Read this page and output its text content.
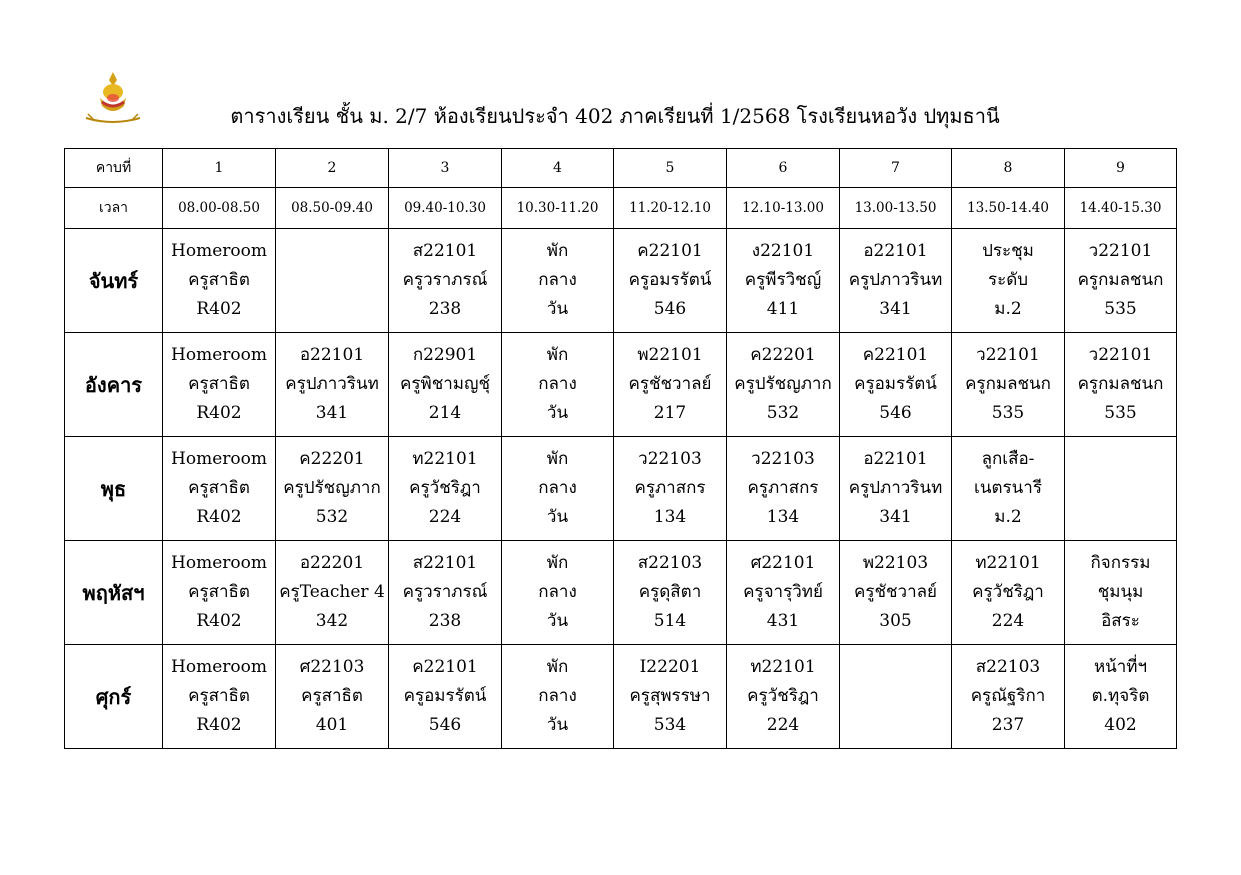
ตารางเรียน ชั้น ม. 2/7 ห้องเรียนประจำ 402 ภาคเรียนที่ 1/2568 โรงเรียนหอวัง ปทุมธานี
คาบที่	1	2	3	4	5	6	7	8	9
เวลา	08.00-08.50	08.50-09.40	09.40-10.30	10.30-11.20	11.20-12.10	12.10-13.00	13.00-13.50	13.50-14.40	14.40-15.30
จันทร์	Homeroom
ครูสาธิต
R402		ส22101
ครูวราภรณ์
238	พัก
กลาง
วัน	ค22101
ครูอมรรัตน์
546	ง22101
ครูพีรวิชญ์
411	อ22101
ครูปภาวรินท
341	ประชุม
ระดับ
ม.2	ว22101
ครูกมลชนก
535

อังคาร	Homeroom
ครูสาธิต
R402	อ22101
ครูปภาวรินท
341	ก22901
ครูพิชามญชุ์
214	พัก
กลาง
วัน	พ22101
ครูชัชวาลย์
217	ค22201
ครูปรัชญภาก
532	ค22101
ครูอมรรัตน์
546	ว22101
ครูกมลชนก
535	ว22101
ครูกมลชนก
535

พุธ	Homeroom
ครูสาธิต
R402	ค22201
ครูปรัชญภาก
532	ท22101
ครูวัชริฎา
224	พัก
กลาง
วัน	ว22103
ครูภาสกร
134	ว22103
ครูภาสกร
134	อ22101
ครูปภาวรินท
341	ลูกเสือ-
เนตรนารี
ม.2	

พฤหัสฯ	Homeroom
ครูสาธิต
R402	อ22201
ครูTeacher 4
342	ส22101
ครูวราภรณ์
238	พัก
กลาง
วัน	ส22103
ครูดุสิตา
514	ศ22101
ครูจารุวิทย์
431	พ22103
ครูชัชวาลย์
305	ท22101
ครูวัชริฎา
224	กิจกรรม
ชุมนุม
อิสระ

ศุกร์	Homeroom
ครูสาธิต
R402	ศ22103
ครูสาธิต
401	ค22101
ครูอมรรัตน์
546	พัก
กลาง
วัน	I22201
ครูสุพรรษา
534	ท22101
ครูวัชริฎา
224		ส22103
ครูณัฐริกา
237	หน้าที่ฯ
ต.ทุจริต
402
